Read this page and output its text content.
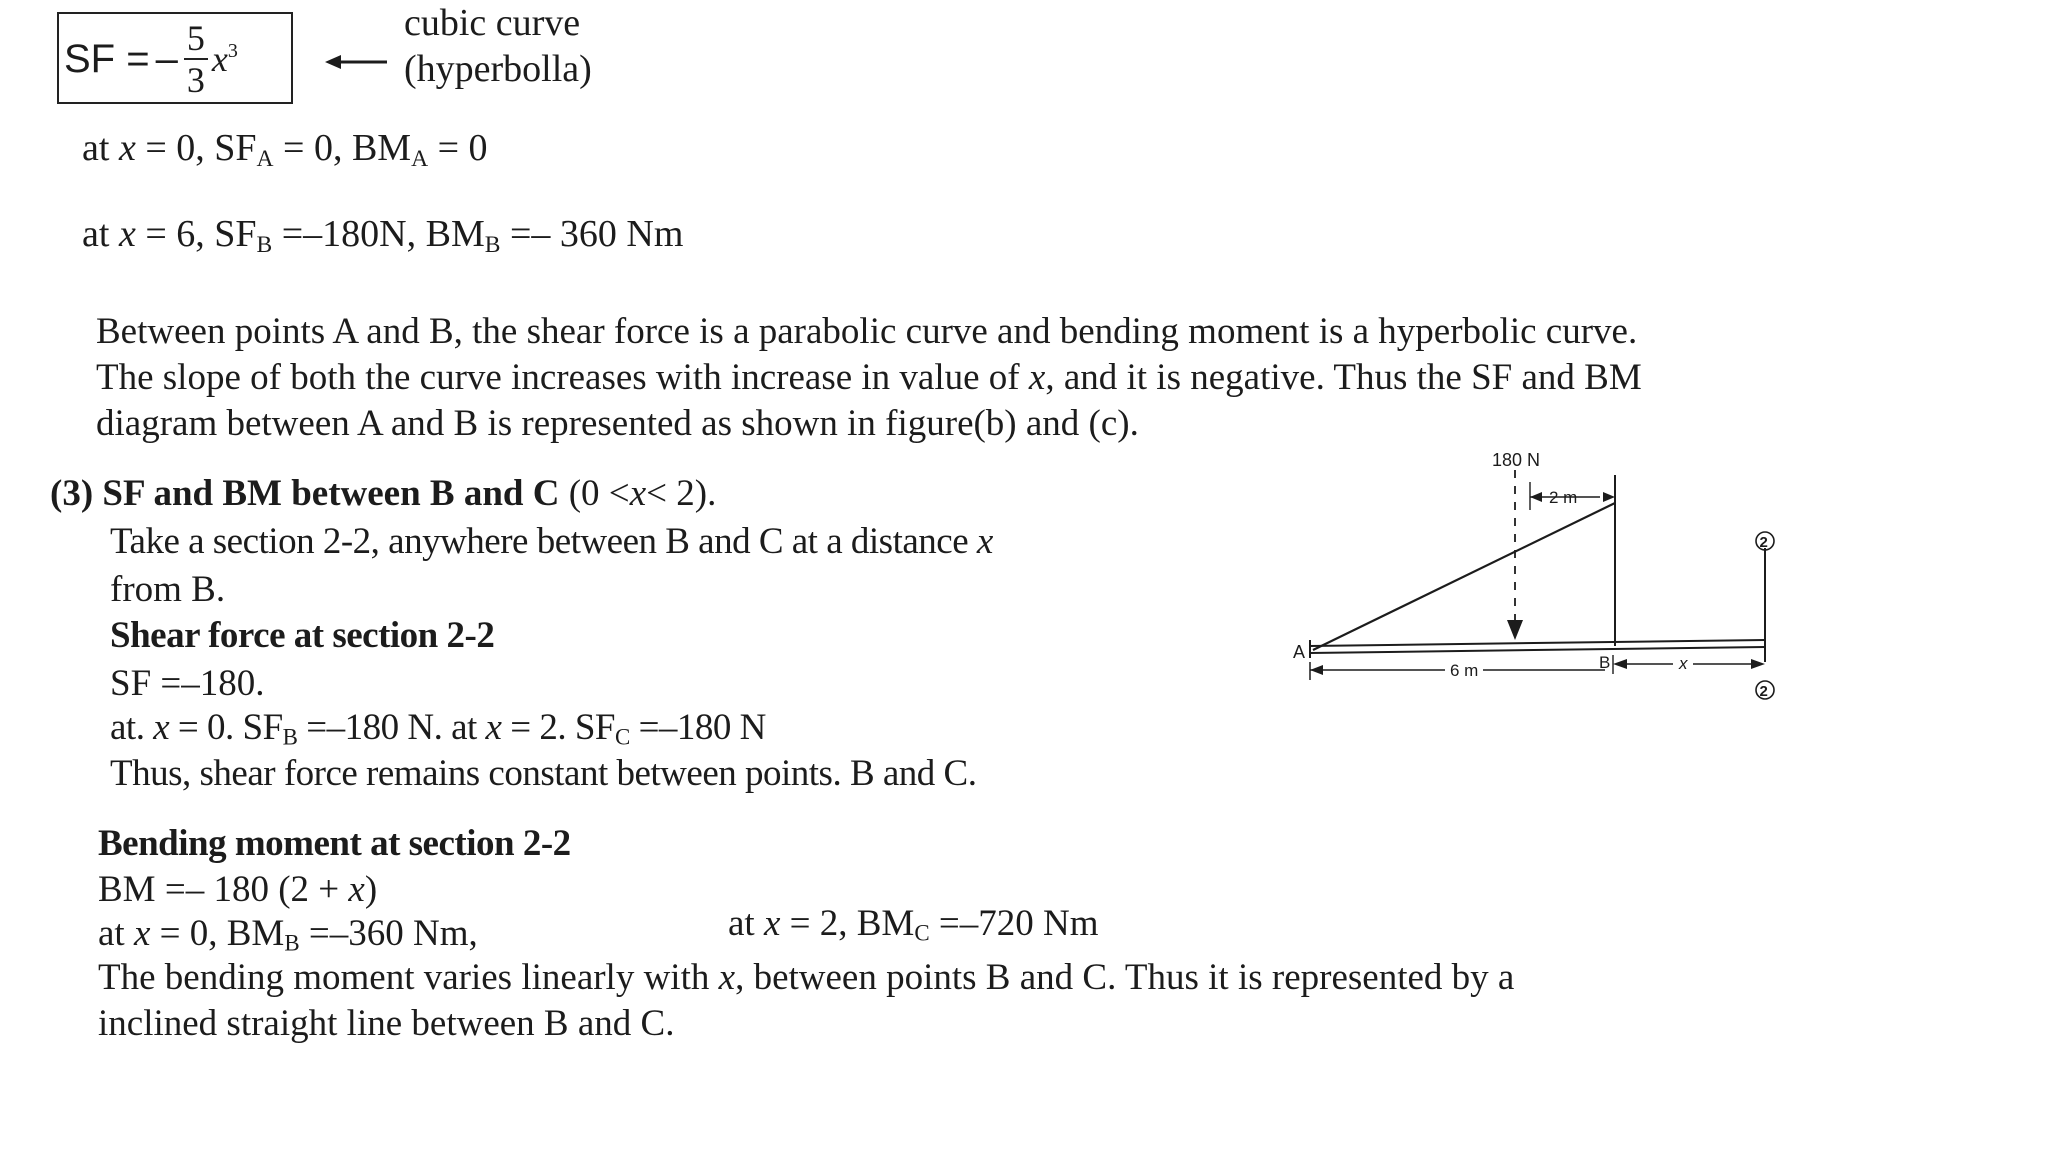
SF = – $\frac{5}{3} x^3$
cubic curve
(hyperbolla)
at x = 0, $SF_A = 0$, $BM_A = 0$
at x = 6, $SF_B =-180N$, $BM_B =- 360$ Nm
Between points A and B, the shear force is a parabolic curve and bending moment is a hyperbolic curve.
The slope of both the curve increases with increase in value of x, and it is negative. Thus the SF and BM
diagram between A and B is represented as shown in figure(b) and (c).
(3) SF and BM between B and C (0 <x< 2).
Take a section 2-2, anywhere between B and C at a distance x
from B.
Shear force at section 2-2
SF =–180.
at. x = 0. $SF_B =-180$ N. at x = 2. $SF_C =-180$ N
Thus, shear force remains constant between points. B and C.
Bending moment at section 2-2
BM =– 180 (2 + x)
at x = 0, $BM_B =-360$ Nm,	at x = 2, $BM_C =-720$ Nm
The bending moment varies linearly with x, between points B and C. Thus it is represented by a
inclined straight line between B and C.
180 N
2 m
A
2
2
6 m	B	x
